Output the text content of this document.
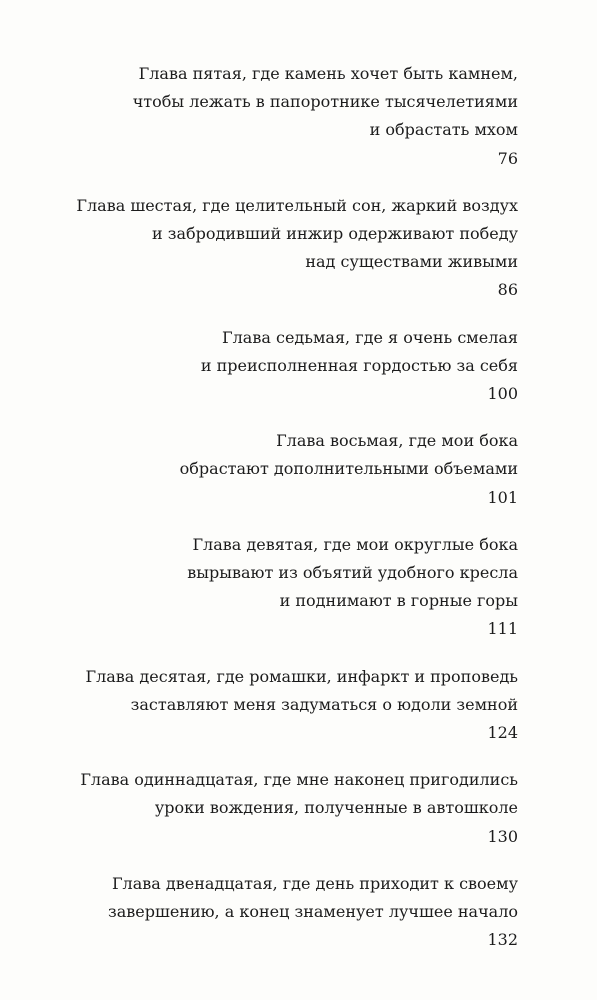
Глава пятая, где камень хочет быть камнем,
чтобы лежать в папоротнике тысячелетиями
и обрастать мхом
76
Глава шестая, где целительный сон, жаркий воздух
и забродивший инжир одерживают победу
над существами живыми
86
Глава седьмая, где я очень смелая
и преисполненная гордостью за себя
100
Глава восьмая, где мои бока
обрастают дополнительными объемами
101
Глава девятая, где мои округлые бока
вырывают из объятий удобного кресла
и поднимают в горные горы
111
Глава десятая, где ромашки, инфаркт и проповедь
заставляют меня задуматься о юдоли земной
124
Глава одиннадцатая, где мне наконец пригодились
уроки вождения, полученные в автошколе
130
Глава двенадцатая, где день приходит к своему
завершению, а конец знаменует лучшее начало
132
